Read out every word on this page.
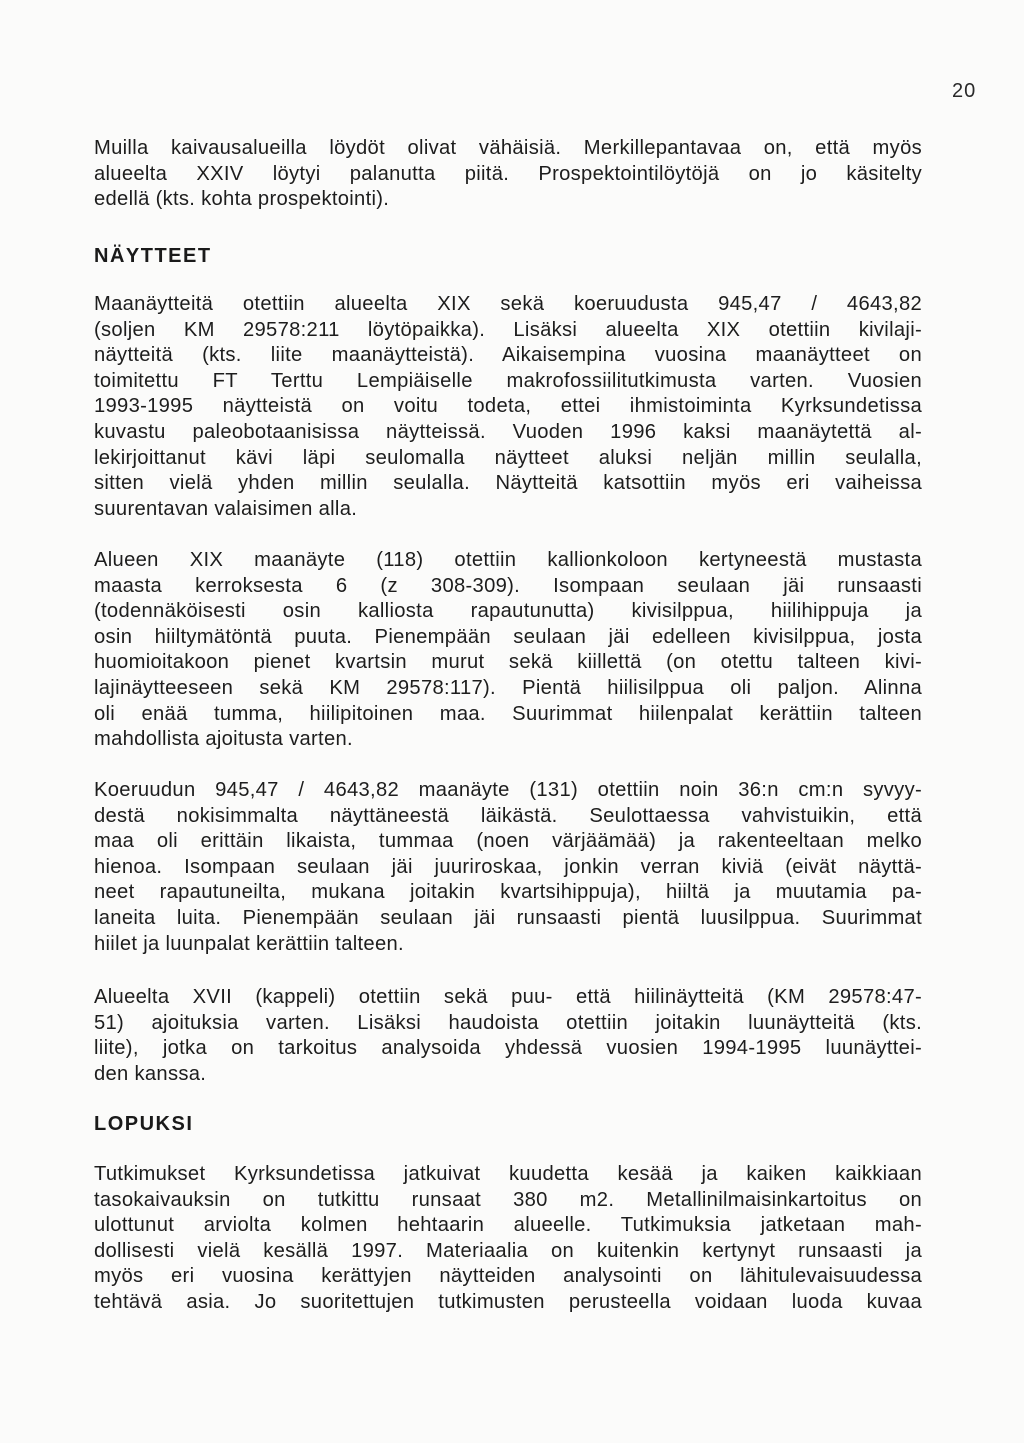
20
Muilla kaivausalueilla löydöt olivat vähäisiä. Merkillepantavaa on, että myös
alueelta XXIV löytyi palanutta piitä. Prospektointilöytöjä on jo käsitelty
edellä (kts. kohta prospektointi).
NÄYTTEET
Maanäytteitä otettiin alueelta XIX sekä koeruudusta 945,47 / 4643,82
(soljen KM 29578:211 löytöpaikka). Lisäksi alueelta XIX otettiin kivilaji-
näytteitä (kts. liite maanäytteistä). Aikaisempina vuosina maanäytteet on
toimitettu FT Terttu Lempiäiselle makrofossiilitutkimusta varten. Vuosien
1993-1995 näytteistä on voitu todeta, ettei ihmistoiminta Kyrksundetissa
kuvastu paleobotaanisissa näytteissä. Vuoden 1996 kaksi maanäytettä al-
lekirjoittanut kävi läpi seulomalla näytteet aluksi neljän millin seulalla,
sitten vielä yhden millin seulalla. Näytteitä katsottiin myös eri vaiheissa
suurentavan valaisimen alla.
Alueen XIX maanäyte (118) otettiin kallionkoloon kertyneestä mustasta
maasta kerroksesta 6 (z 308-309). Isompaan seulaan jäi runsaasti
(todennäköisesti osin kalliosta rapautunutta) kivisilppua, hiilihippuja ja
osin hiiltymätöntä puuta. Pienempään seulaan jäi edelleen kivisilppua, josta
huomioitakoon pienet kvartsin murut sekä kiillettä (on otettu talteen kivi-
lajinäytteeseen sekä KM 29578:117). Pientä hiilisilppua oli paljon. Alinna
oli enää tumma, hiilipitoinen maa. Suurimmat hiilenpalat kerättiin talteen
mahdollista ajoitusta varten.
Koeruudun 945,47 / 4643,82 maanäyte (131) otettiin noin 36:n cm:n syvyy-
destä nokisimmalta näyttäneestä läikästä. Seulottaessa vahvistuikin, että
maa oli erittäin likaista, tummaa (noen värjäämää) ja rakenteeltaan melko
hienoa. Isompaan seulaan jäi juuriroskaa, jonkin verran kiviä (eivät näyttä-
neet rapautuneilta, mukana joitakin kvartsihippuja), hiiltä ja muutamia pa-
laneita luita. Pienempään seulaan jäi runsaasti pientä luusilppua. Suurimmat
hiilet ja luunpalat kerättiin talteen.
Alueelta XVII (kappeli) otettiin sekä puu- että hiilinäytteitä (KM 29578:47-
51) ajoituksia varten. Lisäksi haudoista otettiin joitakin luunäytteitä (kts.
liite), jotka on tarkoitus analysoida yhdessä vuosien 1994-1995 luunäyttei-
den kanssa.
LOPUKSI
Tutkimukset Kyrksundetissa jatkuivat kuudetta kesää ja kaiken kaikkiaan
tasokaivauksin on tutkittu runsaat 380 m2. Metallinilmaisinkartoitus on
ulottunut arviolta kolmen hehtaarin alueelle. Tutkimuksia jatketaan mah-
dollisesti vielä kesällä 1997. Materiaalia on kuitenkin kertynyt runsaasti ja
myös eri vuosina kerättyjen näytteiden analysointi on lähitulevaisuudessa
tehtävä asia. Jo suoritettujen tutkimusten perusteella voidaan luoda kuvaa
